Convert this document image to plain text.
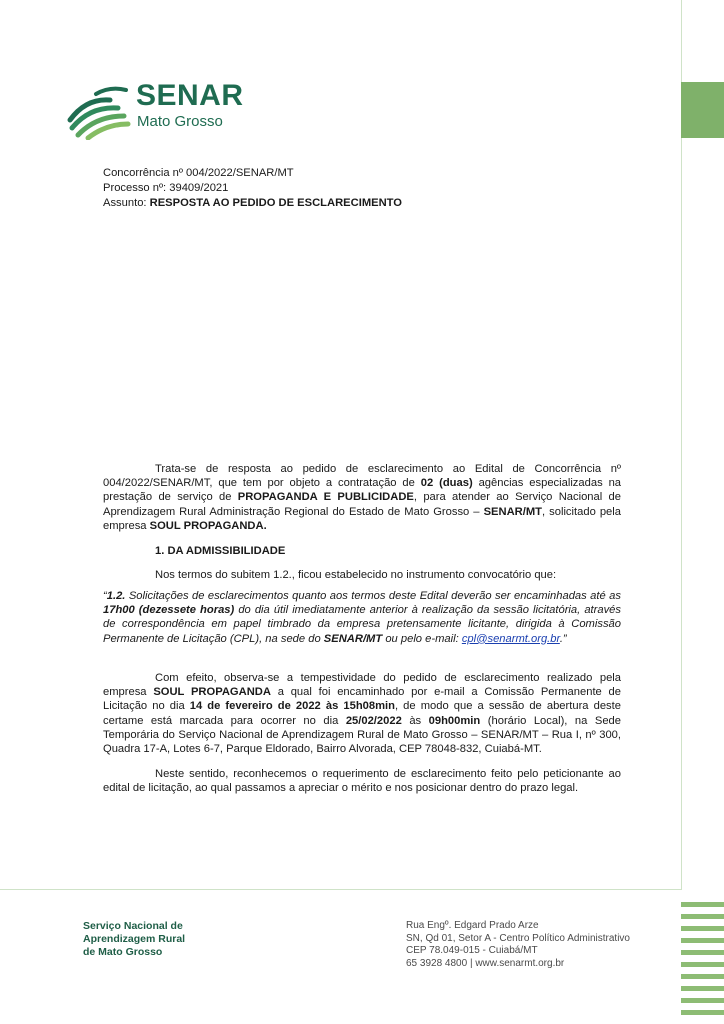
SENAR
Mato Grosso
Concorrência nº 004/2022/SENAR/MT
Processo nº: 39409/2021
Assunto: RESPOSTA AO PEDIDO DE ESCLARECIMENTO
Trata-se de resposta ao pedido de esclarecimento ao Edital de Concorrência nº 004/2022/SENAR/MT, que tem por objeto a contratação de 02 (duas) agências especializadas na prestação de serviço de PROPAGANDA E PUBLICIDADE, para atender ao Serviço Nacional de Aprendizagem Rural Administração Regional do Estado de Mato Grosso – SENAR/MT, solicitado pela empresa SOUL PROPAGANDA.
1. DA ADMISSIBILIDADE
Nos termos do subitem 1.2., ficou estabelecido no instrumento convocatório que:
“1.2. Solicitações de esclarecimentos quanto aos termos deste Edital deverão ser encaminhadas até as 17h00 (dezessete horas) do dia útil imediatamente anterior à realização da sessão licitatória, através de correspondência em papel timbrado da empresa pretensamente licitante, dirigida à Comissão Permanente de Licitação (CPL), na sede do SENAR/MT ou pelo e-mail: cpl@senarmt.org.br.”
Com efeito, observa-se a tempestividade do pedido de esclarecimento realizado pela empresa SOUL PROPAGANDA a qual foi encaminhado por e-mail a Comissão Permanente de Licitação no dia 14 de fevereiro de 2022 às 15h08min, de modo que a sessão de abertura deste certame está marcada para ocorrer no dia 25/02/2022 às 09h00min (horário Local), na Sede Temporária do Serviço Nacional de Aprendizagem Rural de Mato Grosso – SENAR/MT – Rua I, nº 300, Quadra 17-A, Lotes 6-7, Parque Eldorado, Bairro Alvorada, CEP 78048-832, Cuiabá-MT.
Neste sentido, reconhecemos o requerimento de esclarecimento feito pelo peticionante ao edital de licitação, ao qual passamos a apreciar o mérito e nos posicionar dentro do prazo legal.
Serviço Nacional de
Aprendizagem Rural
de Mato Grosso
Rua Engº. Edgard Prado Arze
SN, Qd 01, Setor A - Centro Político Administrativo
CEP 78.049-015 - Cuiabá/MT
65 3928 4800 | www.senarmt.org.br
